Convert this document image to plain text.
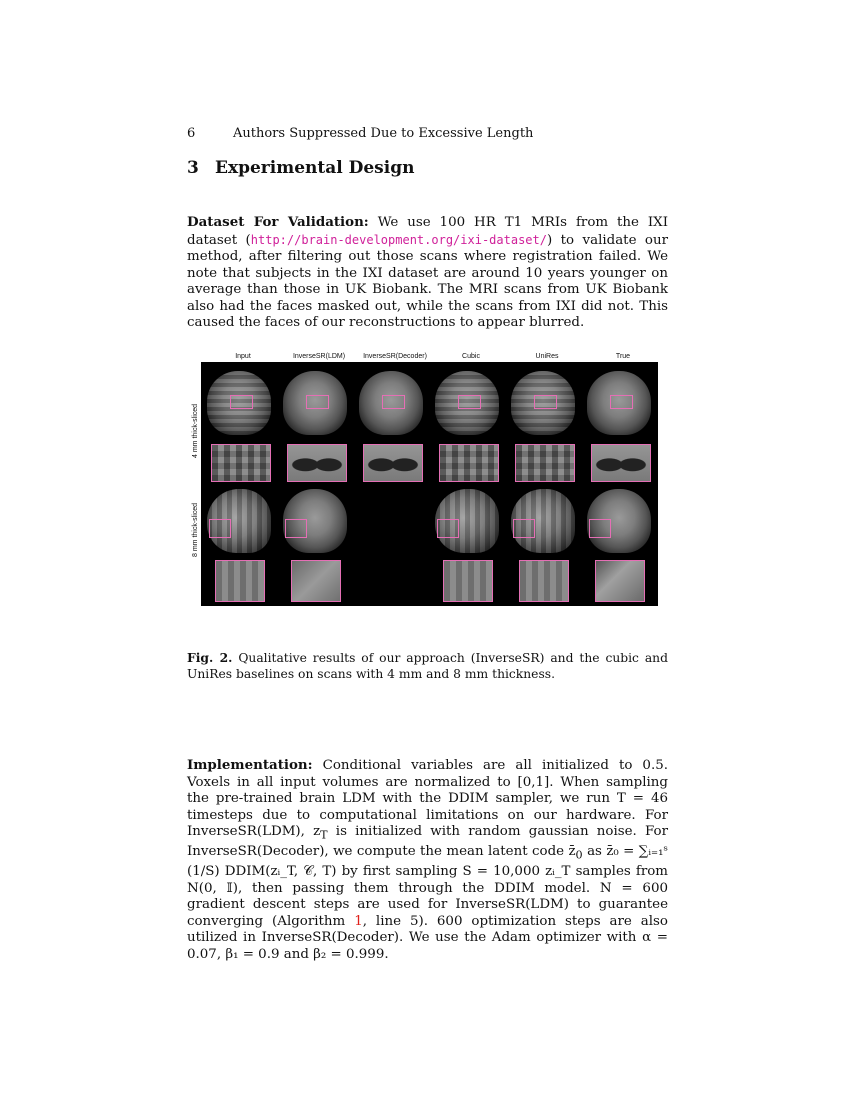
6	Authors Suppressed Due to Excessive Length
3 Experimental Design
Dataset For Validation: We use 100 HR T1 MRIs from the IXI dataset (http://brain-development.org/ixi-dataset/) to validate our method, after filtering out those scans where registration failed. We note that subjects in the IXI dataset are around 10 years younger on average than those in UK Biobank. The MRI scans from UK Biobank also had the faces masked out, while the scans from IXI did not. This caused the faces of our reconstructions to appear blurred.
Input	InverseSR(LDM)	InverseSR(Decoder)	Cubic	UniRes	True
4 mm thick-sliced
8 mm thick-sliced
Fig. 2. Qualitative results of our approach (InverseSR) and the cubic and UniRes baselines on scans with 4 mm and 8 mm thickness.
Implementation: Conditional variables are all initialized to 0.5. Voxels in all input volumes are normalized to [0,1]. When sampling the pre-trained brain LDM with the DDIM sampler, we run T = 46 timesteps due to computational limitations on our hardware. For InverseSR(LDM), $z_T$ is initialized with random gaussian noise. For InverseSR(Decoder), we compute the mean latent code $z̄_0$ as z̄₀ = ∑ᵢ₌₁ˢ (1/S) DDIM(zᵢ_T, 𝒞, T) by first sampling S = 10,000 zᵢ_T samples from N(0, 𝕀), then passing them through the DDIM model. N = 600 gradient descent steps are used for InverseSR(LDM) to guarantee converging (Algorithm 1, line 5). 600 optimization steps are also utilized in InverseSR(Decoder). We use the Adam optimizer with α = 0.07, β₁ = 0.9 and β₂ = 0.999.
